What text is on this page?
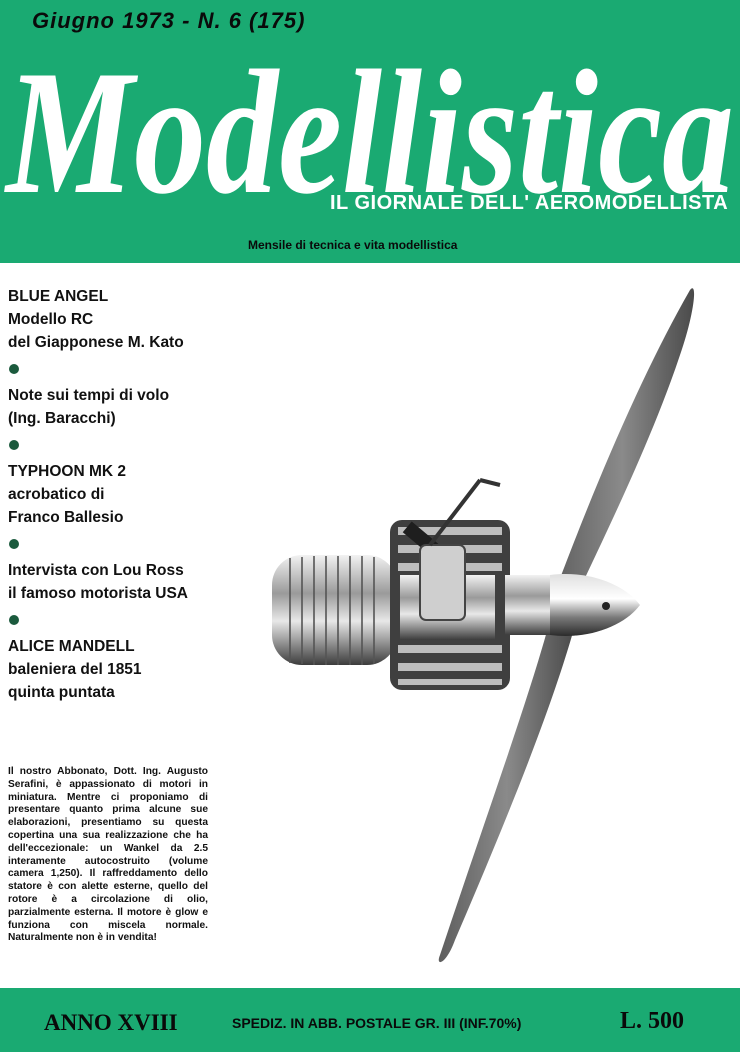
Giugno 1973 - N. 6 (175)
Modellistica
IL GIORNALE DELL' AEROMODELLISTA
Mensile di tecnica e vita modellistica
BLUE ANGEL
Modello RC
del Giapponese M. Kato
Note sui tempi di volo
(Ing. Baracchi)
TYPHOON MK 2
acrobatico di
Franco Ballesio
Intervista con Lou Ross
il famoso motorista USA
ALICE MANDELL
baleniera del 1851
quinta puntata
Il nostro Abbonato, Dott. Ing. Augusto Serafini, è appassionato di motori in miniatura. Mentre ci proponiamo di presentare quanto prima alcune sue elaborazioni, presentiamo su questa copertina una sua realizzazione che ha dell'eccezionale: un Wankel da 2.5 interamente autocostruito (volume camera 1,250). Il raffreddamento dello statore è con alette esterne, quello del rotore è a circolazione di olio, parzialmente esterna. Il motore è glow e funziona con miscela normale. Naturalmente non è in vendita!
ANNO XVIII	SPEDIZ. IN ABB. POSTALE GR. III (INF.70%)	L. 500
